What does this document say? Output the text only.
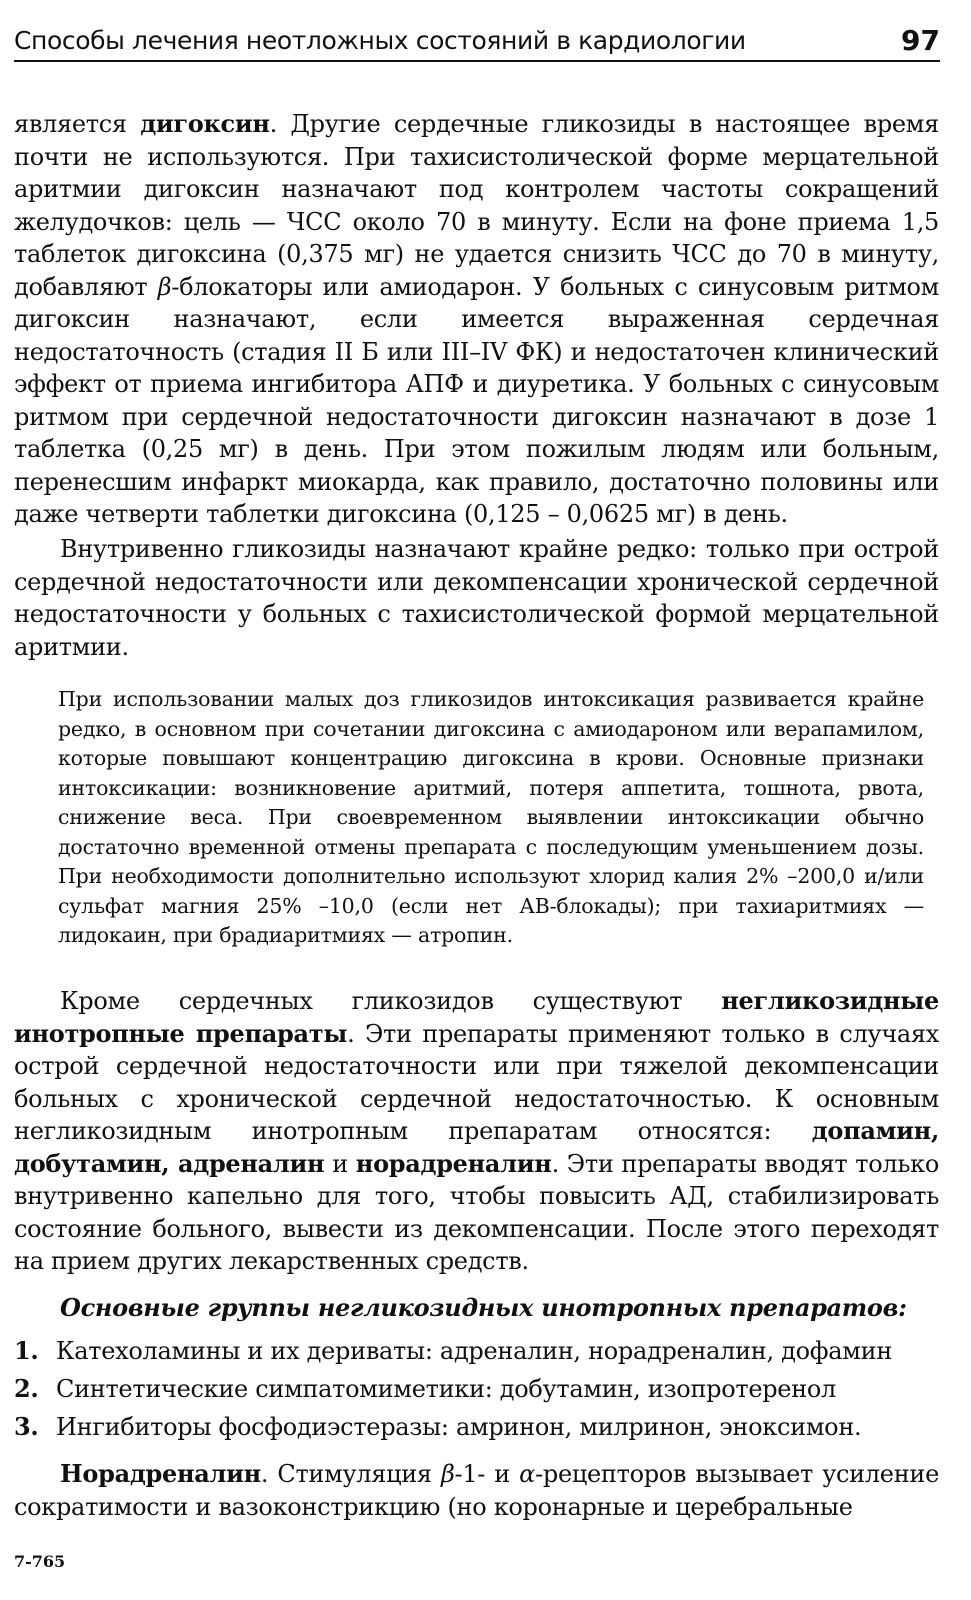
Способы лечения неотложных состояний в кардиологии	97

является дигоксин. Другие сердечные гликозиды в настоящее время почти не используются. При тахисистолической форме мерцательной аритмии дигоксин назначают под контролем частоты сокращений желудочков: цель — ЧСС около 70 в минуту. Если на фоне приема 1,5 таблеток дигоксина (0,375 мг) не удается снизить ЧСС до 70 в минуту, добавляют β-блокаторы или амиодарон. У больных с синусовым ритмом дигоксин назначают, если имеется выраженная сердечная недостаточность (стадия II Б или III–IV ФК) и недостаточен клинический эффект от приема ингибитора АПФ и диуретика. У больных с синусовым ритмом при сердечной недостаточности дигоксин назначают в дозе 1 таблетка (0,25 мг) в день. При этом пожилым людям или больным, перенесшим инфаркт миокарда, как правило, достаточно половины или даже четверти таблетки дигоксина (0,125 – 0,0625 мг) в день.

Внутривенно гликозиды назначают крайне редко: только при острой сердечной недостаточности или декомпенсации хронической сердечной недостаточности у больных с тахисистолической формой мерцательной аритмии.

При использовании малых доз гликозидов интоксикация развивается крайне редко, в основном при сочетании дигоксина с амиодароном или верапамилом, которые повышают концентрацию дигоксина в крови. Основные признаки интоксикации: возникновение аритмий, потеря аппетита, тошнота, рвота, снижение веса. При своевременном выявлении интоксикации обычно достаточно временной отмены препарата с последующим уменьшением дозы. При необходимости дополнительно используют хлорид калия 2% –200,0 и/или сульфат магния 25% –10,0 (если нет АВ-блокады); при тахиаритмиях — лидокаин, при брадиаритмиях — атропин.

Кроме сердечных гликозидов существуют негликозидные инотропные препараты. Эти препараты применяют только в случаях острой сердечной недостаточности или при тяжелой декомпенсации больных с хронической сердечной недостаточностью. К основным негликозидным инотропным препаратам относятся: допамин, добутамин, адреналин и норадреналин. Эти препараты вводят только внутривенно капельно для того, чтобы повысить АД, стабилизировать состояние больного, вывести из декомпенсации. После этого переходят на прием других лекарственных средств.

Основные группы негликозидных инотропных препаратов:
1. Катехоламины и их дериваты: адреналин, норадреналин, дофамин
2. Синтетические симпатомиметики: добутамин, изопротеренол
3. Ингибиторы фосфодиэстеразы: амринон, милринон, эноксимон.

Норадреналин. Стимуляция β-1- и α-рецепторов вызывает усиление сократимости и вазоконстрикцию (но коронарные и церебральные

7-765
